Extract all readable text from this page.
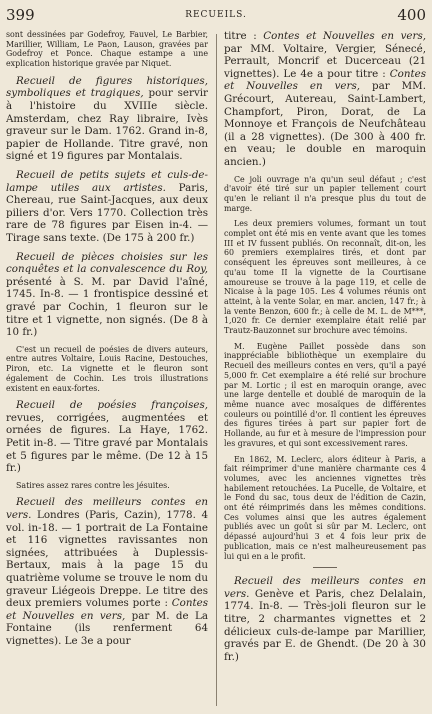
399	RECUEILS.	400

sont dessinées par Godefroy, Fauvel, Le Barbier, Marillier, William, Le Paon, Lauson, gravées par Godefroy et Ponce. Chaque estampe a une explication historique gravée par Niquet.

Recueil de figures historiques, symboliques et tragiques, pour servir à l'histoire du XVIIIe siècle. Amsterdam, chez Ray libraire, Ivès graveur sur le Dam. 1762. Grand in-8, papier de Hollande. Titre gravé, non signé et 19 figures par Montalais.

Recueil de petits sujets et culs-de-lampe utiles aux artistes. Paris, Chereau, rue Saint-Jacques, aux deux piliers d'or. Vers 1770. Collection très rare de 78 figures par Eisen in-4. — Tirage sans texte. (De 175 à 200 fr.)

Recueil de pièces choisies sur les conquêtes et la convalescence du Roy, présenté à S. M. par David l'aîné, 1745. In-8. — 1 frontispice dessiné et gravé par Cochin, 1 fleuron sur le titre et 1 vignette, non signés. (De 8 à 10 fr.)

C'est un recueil de poésies de divers auteurs, entre autres Voltaire, Louis Racine, Destouches, Piron, etc. La vignette et le fleuron sont également de Cochin. Les trois illustrations existent en eaux-fortes.

Recueil de poésies françoises, revues, corrigées, augmentées et ornées de figures. La Haye, 1762. Petit in-8. — Titre gravé par Montalais et 5 figures par le même. (De 12 à 15 fr.)

Satires assez rares contre les jésuites.

Recueil des meilleurs contes en vers. Londres (Paris, Cazin), 1778. 4 vol. in-18. — 1 portrait de La Fontaine et 116 vignettes ravissantes non signées, attribuées à Duplessis-Bertaux, mais à la page 15 du quatrième volume se trouve le nom du graveur Liégeois Dreppe. Le titre des deux premiers volumes porte : Contes et Nouvelles en vers, par M. de La Fontaine (ils renferment 64 vignettes). Le 3e a pour

titre : Contes et Nouvelles en vers, par MM. Voltaire, Vergier, Sénecé, Perrault, Moncrif et Ducerceau (21 vignettes). Le 4e a pour titre : Contes et Nouvelles en vers, par MM. Grécourt, Autereau, Saint-Lambert, Champfort, Piron, Dorat, de La Monnoye et François de Neufchâteau (il a 28 vignettes). (De 300 à 400 fr. en veau; le double en maroquin ancien.)

Ce joli ouvrage n'a qu'un seul défaut ; c'est d'avoir été tiré sur un papier tellement court qu'en le reliant il n'a presque plus du tout de marge.

Les deux premiers volumes, formant un tout complet ont été mis en vente avant que les tomes III et IV fussent publiés. On reconnaît, dit-on, les 60 premiers exemplaires tirés, et dont par conséquent les épreuves sont meilleures, à ce qu'au tome II la vignette de la Courtisane amoureuse se trouve à la page 119, et celle de Nicaise à la page 105. Les 4 volumes réunis ont atteint, à la vente Solar, en mar. ancien, 147 fr.; à la vente Benzon, 600 fr.; à celle de M. L. de M***, 1,020 fr. Ce dernier exemplaire était relié par Trautz-Bauzonnet sur brochure avec témoins.

M. Eugène Paillet possède dans son inappréciable bibliothèque un exemplaire du Recueil des meilleurs contes en vers, qu'il a payé 5,000 fr. Cet exemplaire a été relié sur brochure par M. Lortic ; il est en maroquin orange, avec une large dentelle et doublé de maroquin de la même nuance avec mosaïques de différentes couleurs ou pointillé d'or. Il contient les épreuves des figures tirées à part sur papier fort de Hollande, au fur et à mesure de l'impression pour les gravures, et qui sont excessivement rares.

En 1862, M. Leclerc, alors éditeur à Paris, a fait réimprimer d'une manière charmante ces 4 volumes, avec les anciennes vignettes très habilement retouchées. La Pucelle, de Voltaire, et le Fond du sac, tous deux de l'édition de Cazin, ont été réimprimés dans les mêmes conditions. Ces volumes ainsi que les autres également publiés avec un goût si sûr par M. Leclerc, ont dépassé aujourd'hui 3 et 4 fois leur prix de publication, mais ce n'est malheureusement pas lui qui en a le profit.

Recueil des meilleurs contes en vers. Genève et Paris, chez Delalain, 1774. In-8. — Très-joli fleuron sur le titre, 2 charmantes vignettes et 2 délicieux culs-de-lampe par Marillier, gravés par E. de Ghendt. (De 20 à 30 fr.)
